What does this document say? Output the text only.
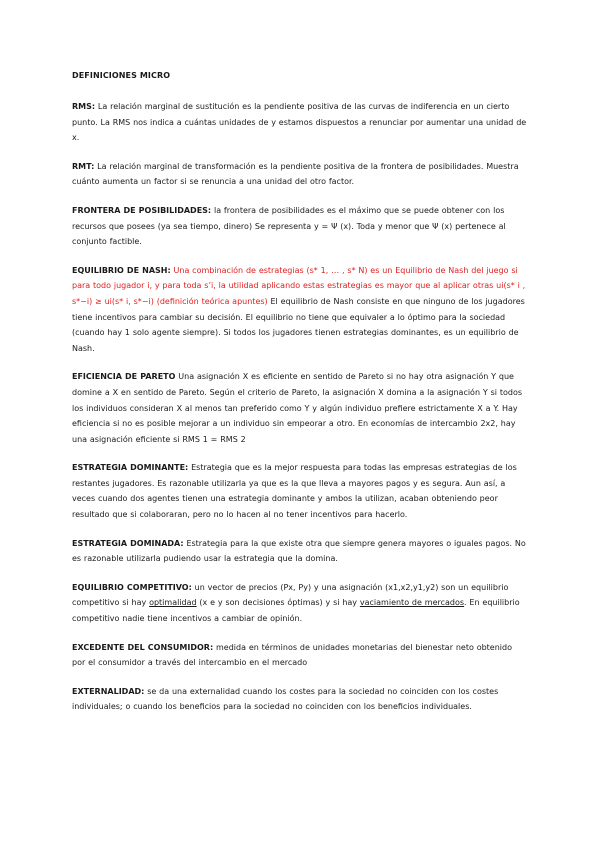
DEFINICIONES MICRO

RMS: La relación marginal de sustitución es la pendiente positiva de las curvas de indiferencia en un cierto punto. La RMS nos indica a cuántas unidades de y estamos dispuestos a renunciar por aumentar una unidad de x.

RMT: La relación marginal de transformación es la pendiente positiva de la frontera de posibilidades. Muestra cuánto aumenta un factor si se renuncia a una unidad del otro factor.

FRONTERA DE POSIBILIDADES: la frontera de posibilidades es el máximo que se puede obtener con los recursos que posees (ya sea tiempo, dinero) Se representa y = Ψ (x). Toda y menor que Ψ (x) pertenece al conjunto factible.

EQUILIBRIO DE NASH: Una combinación de estrategias (s* 1, … , s* N) es un Equilibrio de Nash del juego si para todo jugador i, y para toda s’i, la utilidad aplicando estas estrategias es mayor que al aplicar otras ui(s* i , s*−i) ≥ ui(s* i, s*−i) (definición teórica apuntes) El equilibrio de Nash consiste en que ninguno de los jugadores tiene incentivos para cambiar su decisión. El equilibrio no tiene que equivaler a lo óptimo para la sociedad (cuando hay 1 solo agente siempre). Si todos los jugadores tienen estrategias dominantes, es un equilibrio de Nash.

EFICIENCIA DE PARETO Una asignación X es eficiente en sentido de Pareto si no hay otra asignación Y que domine a X en sentido de Pareto. Según el criterio de Pareto, la asignación X domina a la asignación Y si todos los individuos consideran X al menos tan preferido como Y y algún individuo prefiere estrictamente X a Y. Hay eficiencia si no es posible mejorar a un individuo sin empeorar a otro. En economías de intercambio 2x2, hay una asignación eficiente si RMS 1 = RMS 2

ESTRATEGIA DOMINANTE: Estrategia que es la mejor respuesta para todas las empresas estrategias de los restantes jugadores. Es razonable utilizarla ya que es la que lleva a mayores pagos y es segura. Aun así, a veces cuando dos agentes tienen una estrategia dominante y ambos la utilizan, acaban obteniendo peor resultado que si colaboraran, pero no lo hacen al no tener incentivos para hacerlo.

ESTRATEGIA DOMINADA: Estrategia para la que existe otra que siempre genera mayores o iguales pagos. No es razonable utilizarla pudiendo usar la estrategia que la domina.

EQUILIBRIO COMPETITIVO: un vector de precios (Px, Py) y una asignación (x1,x2,y1,y2) son un equilibrio competitivo si hay optimalidad (x e y son decisiones óptimas) y si hay vaciamiento de mercados. En equilibrio competitivo nadie tiene incentivos a cambiar de opinión.

EXCEDENTE DEL CONSUMIDOR: medida en términos de unidades monetarias del bienestar neto obtenido por el consumidor a través del intercambio en el mercado

EXTERNALIDAD: se da una externalidad cuando los costes para la sociedad no coinciden con los costes individuales; o cuando los beneficios para la sociedad no coinciden con los beneficios individuales.
